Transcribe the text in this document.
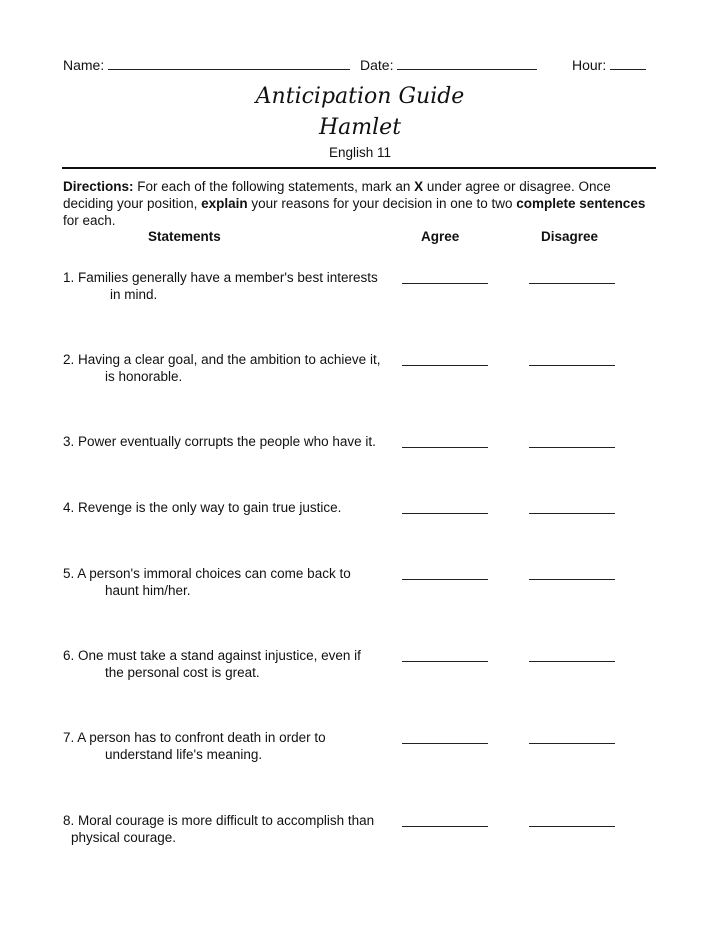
Name:	Date:	Hour:
Anticipation Guide
Hamlet
English 11
Directions: For each of the following statements, mark an X under agree or disagree. Once deciding your position, explain your reasons for your decision in one to two complete sentences for each.
Statements	Agree	Disagree
1. Families generally have a member's best interests
in mind.
2. Having a clear goal, and the ambition to achieve it,
is honorable.
3. Power eventually corrupts the people who have it.
4. Revenge is the only way to gain true justice.
5. A person's immoral choices can come back to
haunt him/her.
6. One must take a stand against injustice, even if
the personal cost is great.
7. A person has to confront death in order to
understand life's meaning.
8. Moral courage is more difficult to accomplish than
physical courage.
